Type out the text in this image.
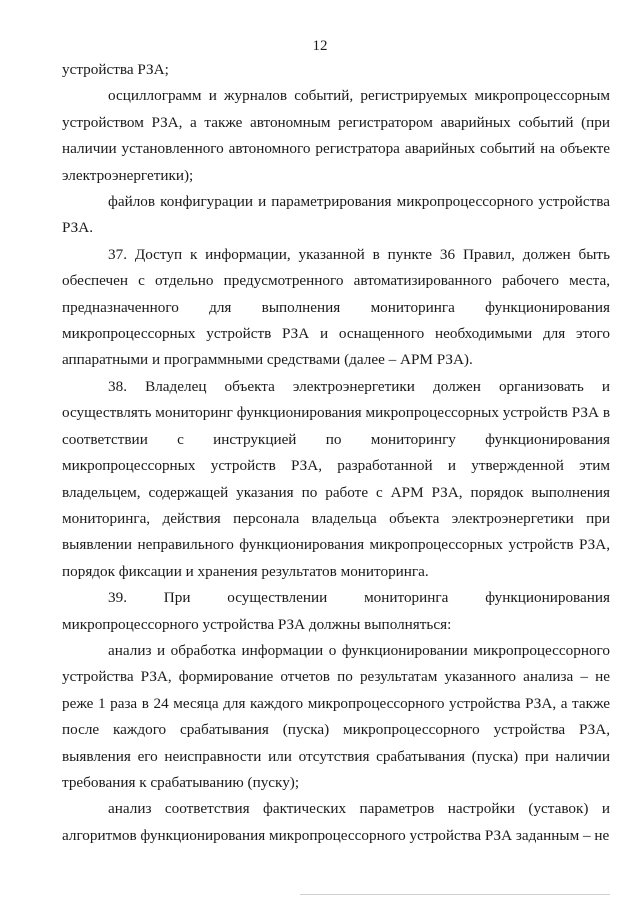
12

устройства РЗА;

осциллограмм и журналов событий, регистрируемых микропроцессорным устройством РЗА, а также автономным регистратором аварийных событий (при наличии установленного автономного регистратора аварийных событий на объекте электроэнергетики);

файлов конфигурации и параметрирования микропроцессорного устройства РЗА.

37. Доступ к информации, указанной в пункте 36 Правил, должен быть обеспечен с отдельно предусмотренного автоматизированного рабочего места, предназначенного для выполнения мониторинга функционирования микропроцессорных устройств РЗА и оснащенного необходимыми для этого аппаратными и программными средствами (далее – АРМ РЗА).

38. Владелец объекта электроэнергетики должен организовать и осуществлять мониторинг функционирования микропроцессорных устройств РЗА в соответствии с инструкцией по мониторингу функционирования микропроцессорных устройств РЗА, разработанной и утвержденной этим владельцем, содержащей указания по работе с АРМ РЗА, порядок выполнения мониторинга, действия персонала владельца объекта электроэнергетики при выявлении неправильного функционирования микропроцессорных устройств РЗА, порядок фиксации и хранения результатов мониторинга.

39. При осуществлении мониторинга функционирования микропроцессорного устройства РЗА должны выполняться:

анализ и обработка информации о функционировании микропроцессорного устройства РЗА, формирование отчетов по результатам указанного анализа – не реже 1 раза в 24 месяца для каждого микропроцессорного устройства РЗА, а также после каждого срабатывания (пуска) микропроцессорного устройства РЗА, выявления его неисправности или отсутствия срабатывания (пуска) при наличии требования к срабатыванию (пуску);

анализ соответствия фактических параметров настройки (уставок) и алгоритмов функционирования микропроцессорного устройства РЗА заданным – не
